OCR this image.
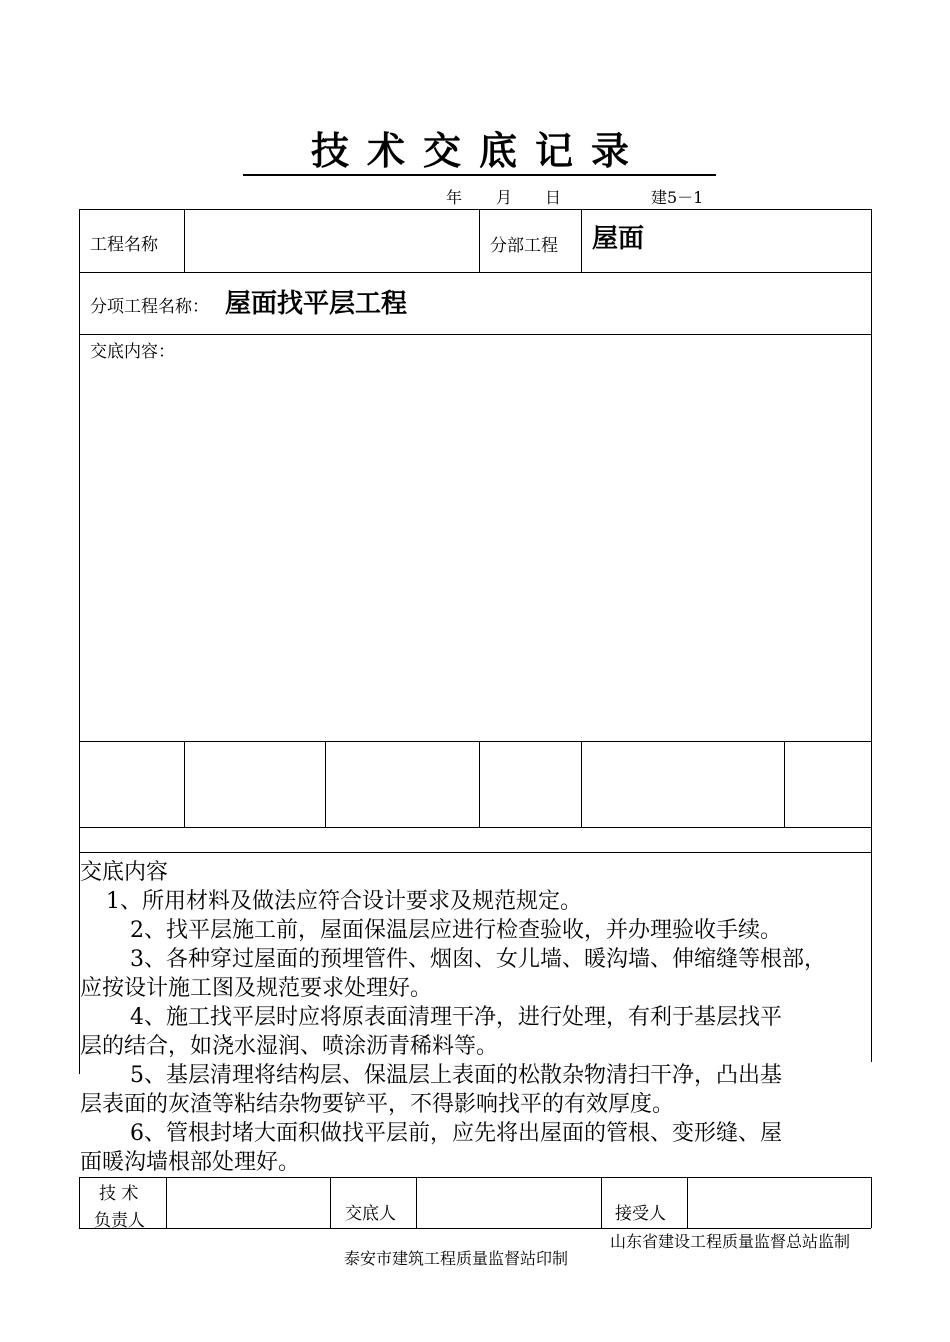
技术交底记录
年 月 日	建5－1
工程名称	分部工程 屋面
分项工程名称： 屋面找平层工程
交底内容：
交底内容
1、所用材料及做法应符合设计要求及规范规定。
2、找平层施工前，屋面保温层应进行检查验收，并办理验收手续。
3、各种穿过屋面的预埋管件、烟囱、女儿墙、暖沟墙、伸缩缝等根部，
应按设计施工图及规范要求处理好。
4、施工找平层时应将原表面清理干净，进行处理，有利于基层找平
层的结合，如浇水湿润、喷涂沥青稀料等。
5、基层清理将结构层、保温层上表面的松散杂物清扫干净，凸出基
层表面的灰渣等粘结杂物要铲平，不得影响找平的有效厚度。
6、管根封堵大面积做找平层前，应先将出屋面的管根、变形缝、屋
面暖沟墙根部处理好。
技 术
负责人	交底人	接受人
山东省建设工程质量监督总站监制
泰安市建筑工程质量监督站印制
